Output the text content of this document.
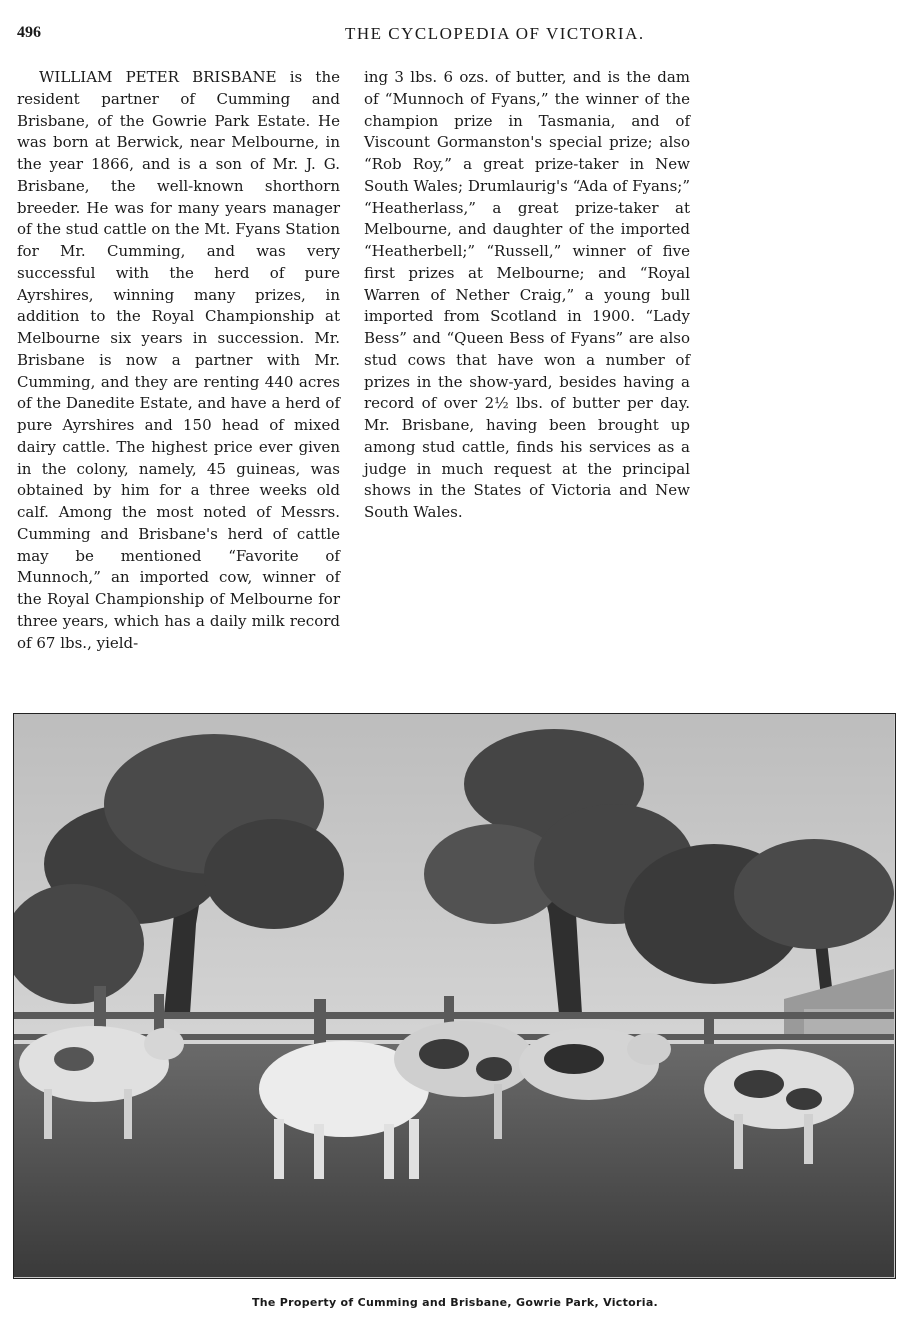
496	THE CYCLOPEDIA OF VICTORIA.

WILLIAM PETER BRISBANE is the resident partner of Cumming and Brisbane, of the Gowrie Park Estate. He was born at Berwick, near Melbourne, in the year 1866, and is a son of Mr. J. G. Brisbane, the well-known shorthorn breeder. He was for many years manager of the stud cattle on the Mt. Fyans Station for Mr. Cumming, and was very successful with the herd of pure Ayrshires, winning many prizes, in addition to the Royal Championship at Melbourne six years in succession. Mr. Brisbane is now a partner with Mr. Cumming, and they are renting 440 acres of the Danedite Estate, and have a herd of pure Ayrshires and 150 head of mixed dairy cattle. The highest price ever given in the colony, namely, 45 guineas, was obtained by him for a three weeks old calf. Among the most noted of Messrs. Cumming and Brisbane's herd of cattle may be mentioned “Favorite of Munnoch,” an imported cow, winner of the Royal Championship of Melbourne for three years, which has a daily milk record of 67 lbs., yield-

ing 3 lbs. 6 ozs. of butter, and is the dam of “Munnoch of Fyans,” the winner of the champion prize in Tasmania, and of Viscount Gormanston's special prize; also “Rob Roy,” a great prize-taker in New South Wales; Drumlaurig's “Ada of Fyans;” “Heatherlass,” a great prize-taker at Melbourne, and daughter of the imported “Heatherbell;” “Russell,” winner of five first prizes at Melbourne; and “Royal Warren of Nether Craig,” a young bull imported from Scotland in 1900. “Lady Bess” and “Queen Bess of Fyans” are also stud cows that have won a number of prizes in the show-yard, besides having a record of over 2½ lbs. of butter per day. Mr. Brisbane, having been brought up among stud cattle, finds his services as a judge in much request at the principal shows in the States of Victoria and New South Wales.

The Property of Cumming and Brisbane, Gowrie Park, Victoria.
